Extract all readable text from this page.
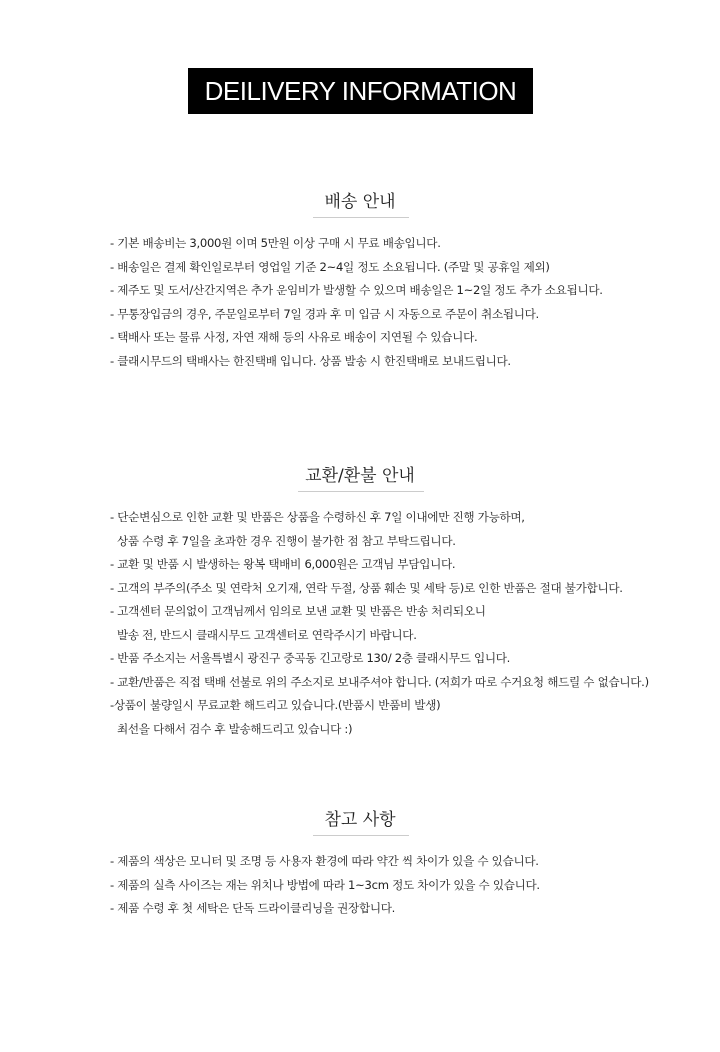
DEILIVERY INFORMATION
배송 안내
- 기본 배송비는 3,000원 이며 5만원 이상 구매 시 무료 배송입니다.
- 배송일은 결제 확인일로부터 영업일 기준 2~4일 정도 소요됩니다. (주말 및 공휴일 제외)
- 제주도 및 도서/산간지역은 추가 운임비가 발생할 수 있으며 배송일은 1~2일 정도 추가 소요됩니다.
- 무통장입금의 경우, 주문일로부터 7일 경과 후 미 입금 시 자동으로 주문이 취소됩니다.
- 택배사 또는 물류 사정, 자연 재해 등의 사유로 배송이 지연될 수 있습니다.
- 클래시무드의 택배사는 한진택배 입니다. 상품 발송 시 한진택배로 보내드립니다.
교환/환불 안내
- 단순변심으로 인한 교환 및 반품은 상품을 수령하신 후 7일 이내에만 진행 가능하며,
상품 수령 후 7일을 초과한 경우 진행이 불가한 점 참고 부탁드립니다.
- 교환 및 반품 시 발생하는 왕복 택배비 6,000원은 고객님 부담입니다.
- 고객의 부주의(주소 및 연락처 오기재, 연락 두절, 상품 훼손 및 세탁 등)로 인한 반품은 절대 불가합니다.
- 고객센터 문의없이 고객님께서 임의로 보낸 교환 및 반품은 반송 처리되오니
발송 전, 반드시 클래시무드 고객센터로 연락주시기 바랍니다.
- 반품 주소지는 서울특별시 광진구 중곡동 긴고랑로 130/ 2층 클래시무드 입니다.
- 교환/반품은 직접 택배 선불로 위의 주소지로 보내주셔야 합니다. (저희가 따로 수거요청 해드릴 수 없습니다.)
-상품이 불량일시 무료교환 해드리고 있습니다.(반품시 반품비 발생)
최선을 다해서 검수 후 발송해드리고 있습니다 :)
참고 사항
- 제품의 색상은 모니터 및 조명 등 사용자 환경에 따라 약간 씩 차이가 있을 수 있습니다.
- 제품의 실측 사이즈는 재는 위치나 방법에 따라 1~3cm 정도 차이가 있을 수 있습니다.
- 제품 수령 후 첫 세탁은 단독 드라이클리닝을 권장합니다.
